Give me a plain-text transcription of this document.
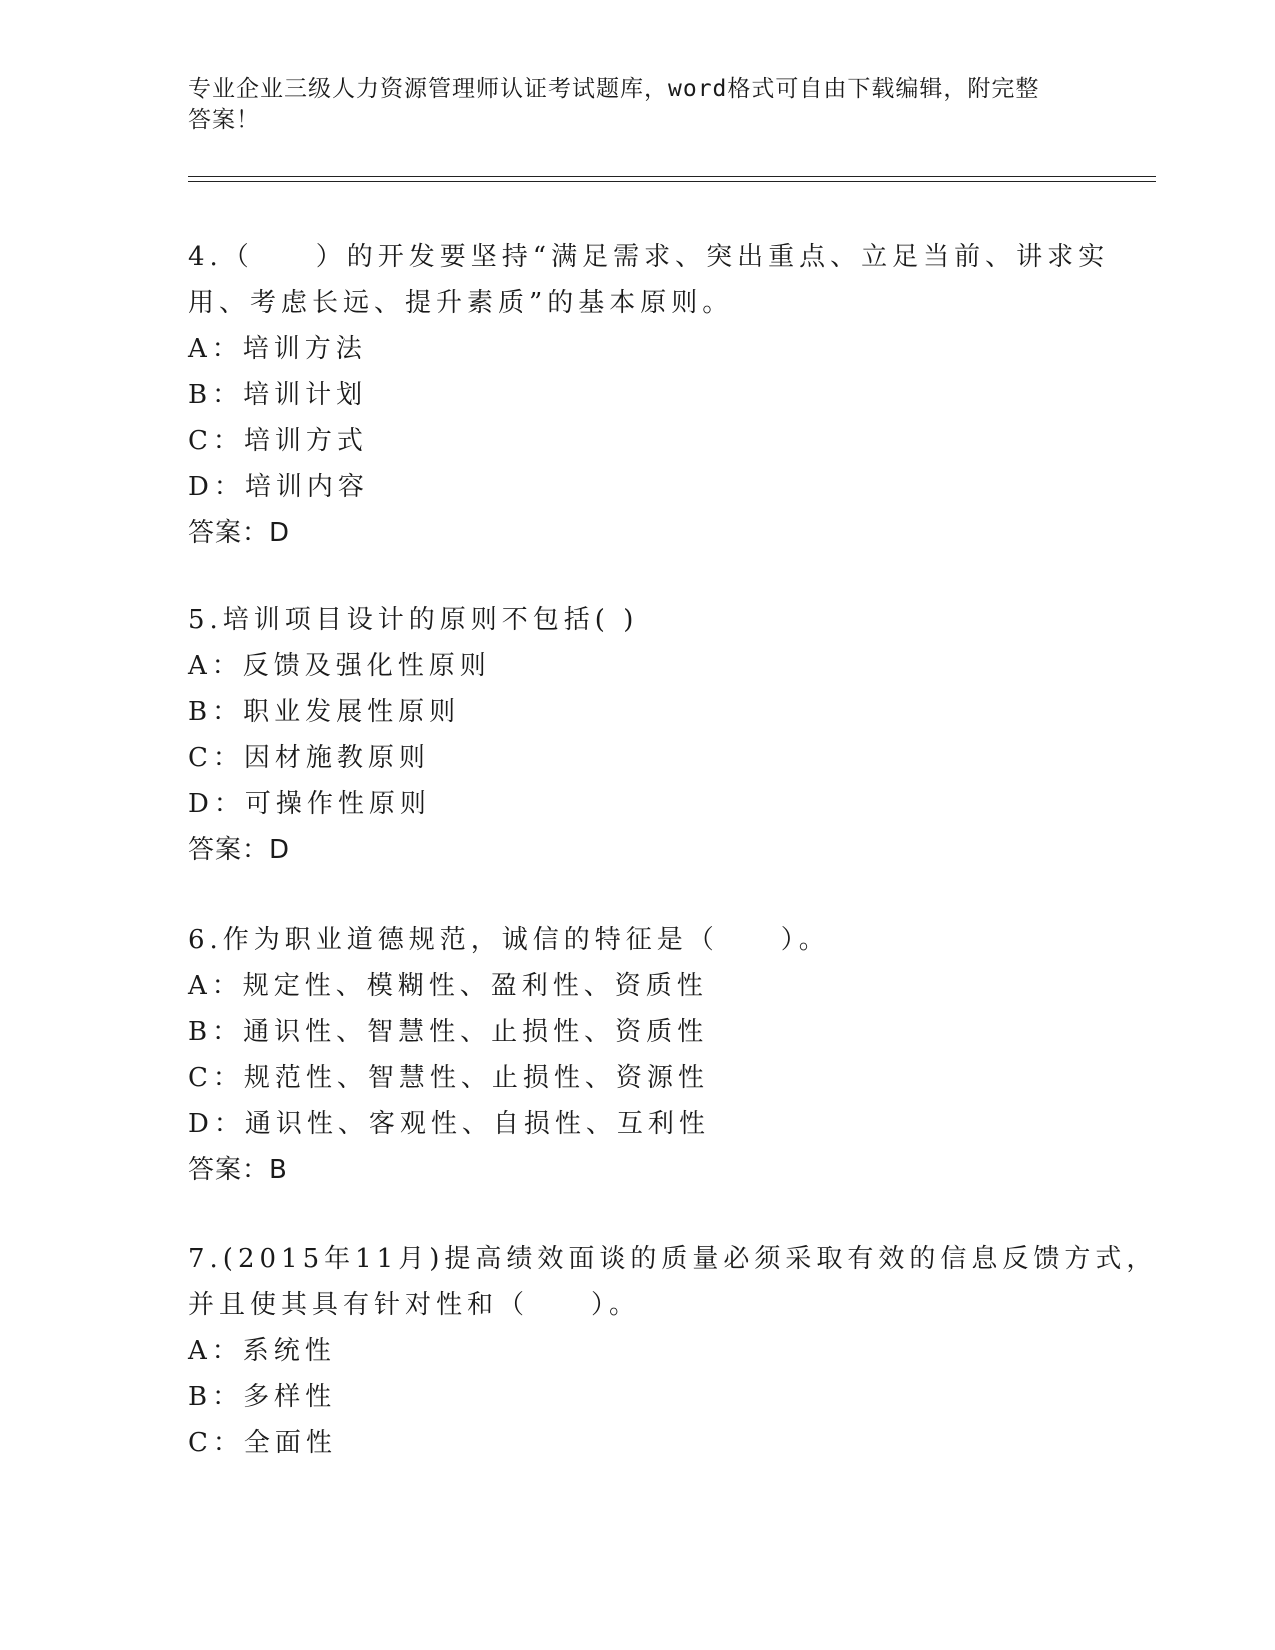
专业企业三级人力资源管理师认证考试题库，word格式可自由下载编辑，附完整
答案！
4.（　　）的开发要坚持“满足需求、突出重点、立足当前、讲求实
用、考虑长远、提升素质”的基本原则。
A：培训方法
B：培训计划
C：培训方式
D：培训内容
答案：D
5.培训项目设计的原则不包括( )
A：反馈及强化性原则
B：职业发展性原则
C：因材施教原则
D：可操作性原则
答案：D
6.作为职业道德规范，诚信的特征是（　　）。
A：规定性、模糊性、盈利性、资质性
B：通识性、智慧性、止损性、资质性
C：规范性、智慧性、止损性、资源性
D：通识性、客观性、自损性、互利性
答案：B
7.(2015年11月)提高绩效面谈的质量必须采取有效的信息反馈方式，
并且使其具有针对性和（　　）。
A：系统性
B：多样性
C：全面性
